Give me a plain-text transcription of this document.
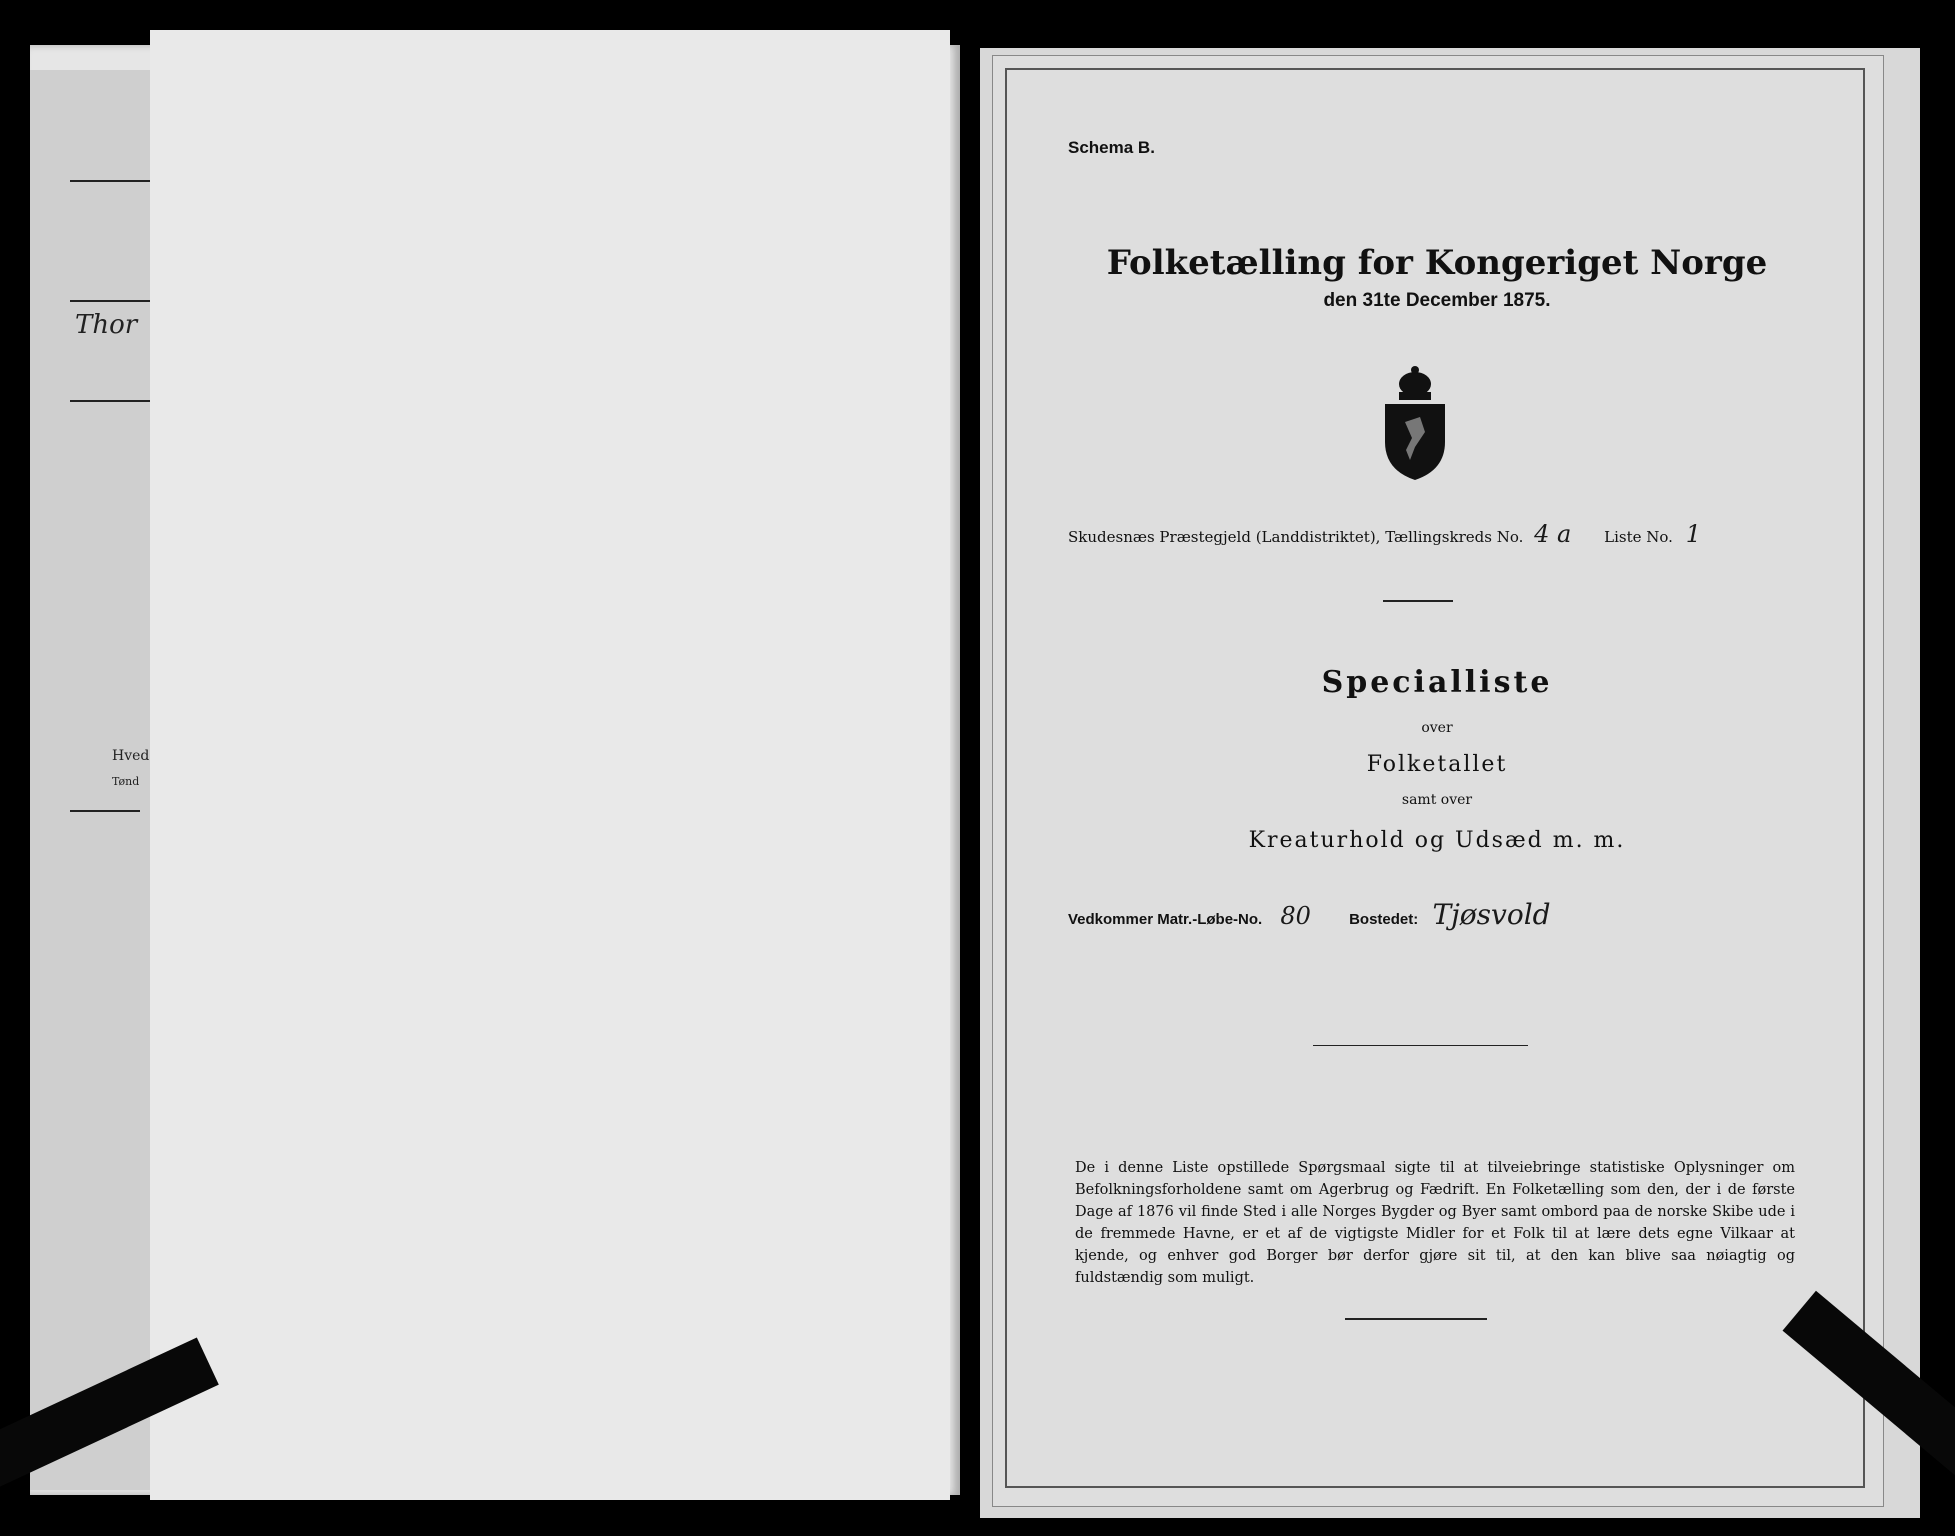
Thor
Hved
Tønd
Schema B.
Folketælling for Kongeriget Norge
den 31te December 1875.
Skudesnæs Præstegjeld (Landdistriktet), Tællingskreds No. 4 a Liste No. 1
Specialliste
over
Folketallet
samt over
Kreaturhold og Udsæd m. m.
Vedkommer Matr.-Løbe-No. 80	Bostedet: Tjøsvold
De i denne Liste opstillede Spørgsmaal sigte til at tilveiebringe statistiske Oplysninger om Befolkningsforholdene samt om Agerbrug og Fædrift. En Folketælling som den, der i de første Dage af 1876 vil finde Sted i alle Norges Bygder og Byer samt ombord paa de norske Skibe ude i de fremmede Havne, er et af de vigtigste Midler for et Folk til at lære dets egne Vilkaar at kjende, og enhver god Borger bør derfor gjøre sit til, at den kan blive saa nøiagtig og fuldstændig som muligt.
